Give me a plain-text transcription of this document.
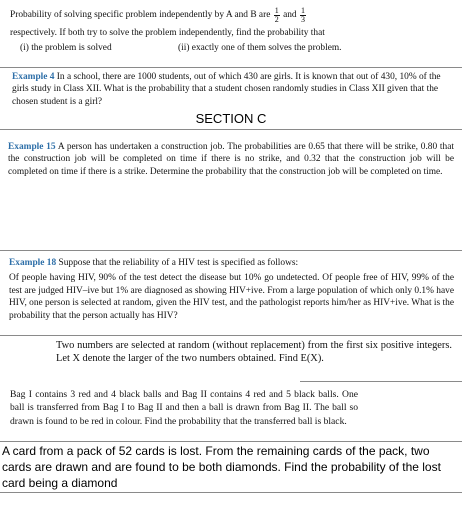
Probability of solving specific problem independently by A and B are
$\frac{1}{2}$
and
$\frac{1}{3}$
respectively. If both try to solve the problem independently, find the probability that
(i) the problem is solved	(ii) exactly one of them solves the problem.
Example 4 In a school, there are 1000 students, out of which 430 are girls. It is known that out of 430, 10% of the girls study in Class XII. What is the probability that a student chosen randomly studies in Class XII given that the chosen student is a girl?
SECTION C
Example 15 A person has undertaken a construction job. The probabilities are 0.65 that there will be strike, 0.80 that the construction job will be completed on time if there is no strike, and 0.32 that the construction job will be completed on time if there is a strike. Determine the probability that the construction job will be completed on time.
Example 18 Suppose that the reliability of a HIV test is specified as follows:
Of people having HIV, 90% of the test detect the disease but 10% go undetected. Of people free of HIV, 99% of the test are judged HIV–ive but 1% are diagnosed as showing HIV+ive. From a large population of which only 0.1% have HIV, one person is selected at random, given the HIV test, and the pathologist reports him/her as HIV+ive. What is the probability that the person actually has HIV?
Two numbers are selected at random (without replacement) from the first six positive integers. Let X denote the larger of the two numbers obtained. Find E(X).
Bag I contains 3 red and 4 black balls and Bag II contains 4 red and 5 black balls. One ball is transferred from Bag I to Bag II and then a ball is drawn from Bag II. The ball so drawn is found to be red in colour. Find the probability that the transferred ball is black.
A card from a pack of 52 cards is lost. From the remaining cards of the pack, two cards are drawn and are found to be both diamonds. Find the probability of the lost card being a diamond
